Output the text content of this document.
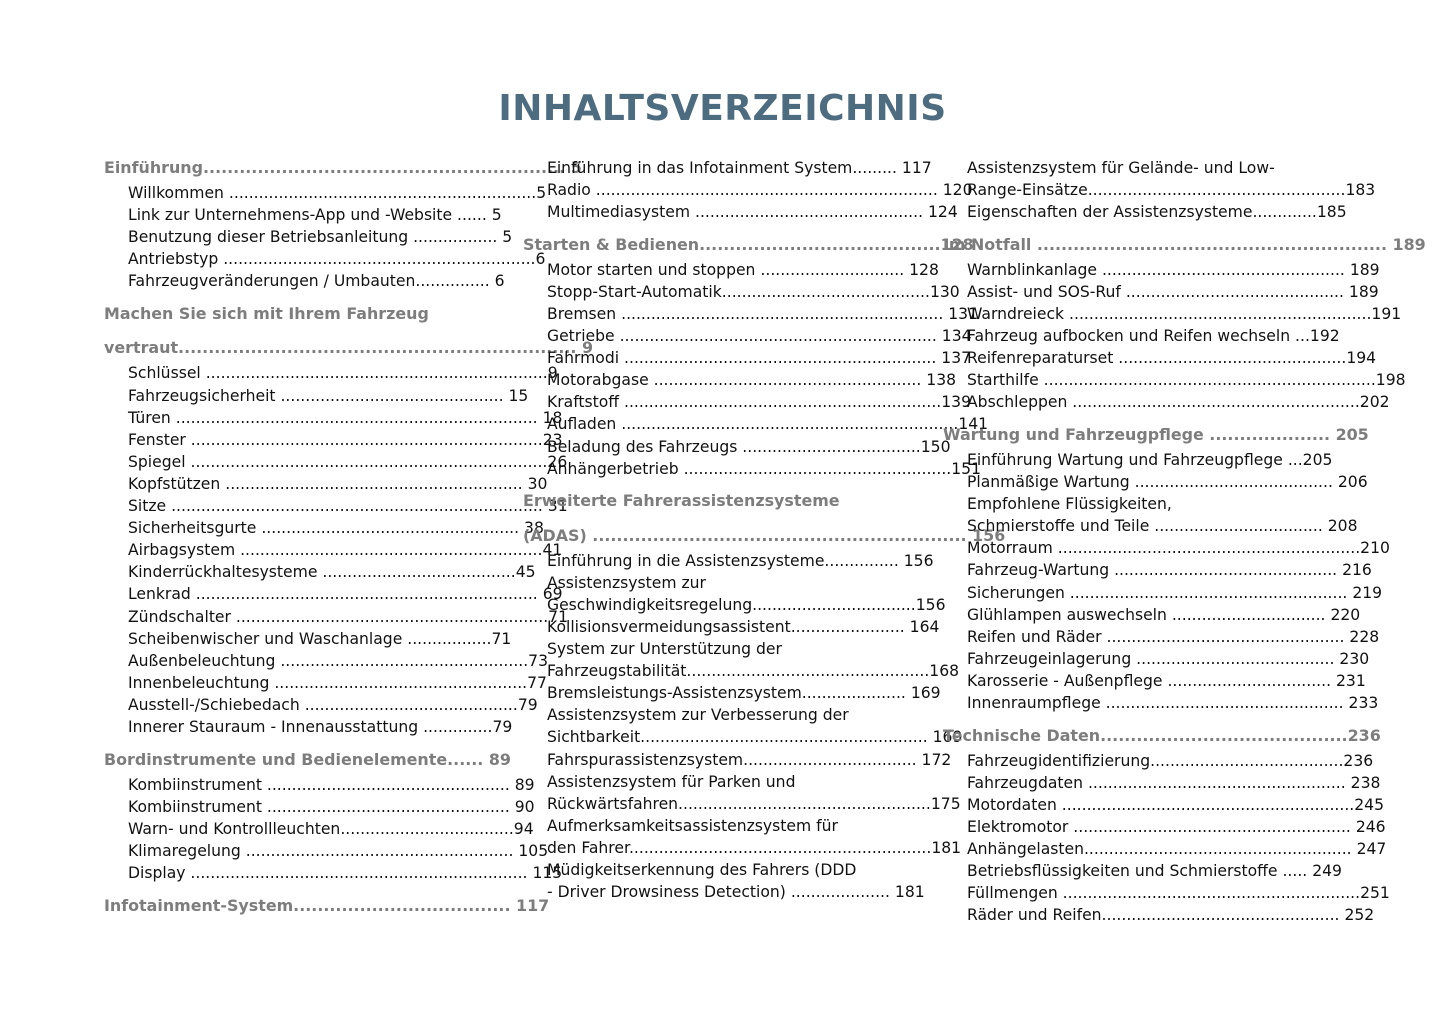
INHALTSVERZEICHNIS
Einführung............................................................ 5
Willkommen ..............................................................5
Link zur Unternehmens-App und -Website ...... 5
Benutzung dieser Betriebsanleitung ................. 5
Antriebstyp ...............................................................6
Fahrzeugveränderungen / Umbauten............... 6
Machen Sie sich mit Ihrem Fahrzeug
vertraut.................................................................. 9
Schlüssel .....................................................................9
Fahrzeugsicherheit ............................................. 15
Türen ......................................................................... 18
Fenster .......................................................................23
Spiegel ........................................................................26
Kopfstützen ............................................................ 30
Sitze ........................................................................... 31
Sicherheitsgurte .................................................... 38
Airbagsystem .............................................................41
Kinderrückhaltesysteme .......................................45
Lenkrad ..................................................................... 69
Zündschalter ...............................................................71
Scheibenwischer und Waschanlage .................71
Außenbeleuchtung ..................................................73
Innenbeleuchtung ...................................................77
Ausstell-/Schiebedach ...........................................79
Innerer Stauraum - Innenausstattung ..............79
Bordinstrumente und Bedienelemente...... 89
Kombiinstrument ................................................. 89
Kombiinstrument ................................................. 90
Warn- und Kontrollleuchten...................................94
Klimaregelung ...................................................... 105
Display .................................................................... 115
Infotainment-System.................................... 117
Einführung in das Infotainment System......... 117
Radio ..................................................................... 120
Multimediasystem .............................................. 124
Starten & Bedienen........................................128
Motor starten und stoppen ............................. 128
Stopp-Start-Automatik..........................................130
Bremsen ................................................................. 131
Getriebe ................................................................ 134
Fahrmodi ............................................................... 137
Motorabgase ...................................................... 138
Kraftstoff ................................................................139
Aufladen ....................................................................141
Beladung des Fahrzeugs ....................................150
Anhängerbetrieb ......................................................151
Erweiterte Fahrerassistenzsysteme
(ADAS) .............................................................. 156
Einführung in die Assistenzsysteme............... 156
Assistenzsystem zur
Geschwindigkeitsregelung.................................156
Kollisionsvermeidungsassistent....................... 164
System zur Unterstützung der
Fahrzeugstabilität.................................................168
Bremsleistungs-Assistenzsystem..................... 169
Assistenzsystem zur Verbesserung der
Sichtbarkeit.......................................................... 169
Fahrspurassistenzsystem................................... 172
Assistenzsystem für Parken und
Rückwärtsfahren...................................................175
Aufmerksamkeitsassistenzsystem für
den Fahrer.............................................................181
Müdigkeitserkennung des Fahrers (DDD
- Driver Drowsiness Detection) .................... 181
Assistenzsystem für Gelände- und Low-
Range-Einsätze....................................................183
Eigenschaften der Assistenzsysteme.............185
Im Notfall .......................................................... 189
Warnblinkanlage ................................................. 189
Assist- und SOS-Ruf ............................................ 189
Warndreieck .............................................................191
Fahrzeug aufbocken und Reifen wechseln ...192
Reifenreparaturset ..............................................194
Starthilfe ...................................................................198
Abschleppen ..........................................................202
Wartung und Fahrzeugpflege .................... 205
Einführung Wartung und Fahrzeugpflege ...205
Planmäßige Wartung ........................................ 206
Empfohlene Flüssigkeiten,
Schmierstoffe und Teile .................................. 208
Motorraum .............................................................210
Fahrzeug-Wartung ............................................. 216
Sicherungen ........................................................ 219
Glühlampen auswechseln ............................... 220
Reifen und Räder ................................................ 228
Fahrzeugeinlagerung ........................................ 230
Karosserie - Außenpflege ................................. 231
Innenraumpflege ................................................ 233
Technische Daten.........................................236
Fahrzeugidentifizierung.......................................236
Fahrzeugdaten .................................................... 238
Motordaten ...........................................................245
Elektromotor ........................................................ 246
Anhängelasten...................................................... 247
Betriebsflüssigkeiten und Schmierstoffe ..... 249
Füllmengen ............................................................251
Räder und Reifen................................................ 252
